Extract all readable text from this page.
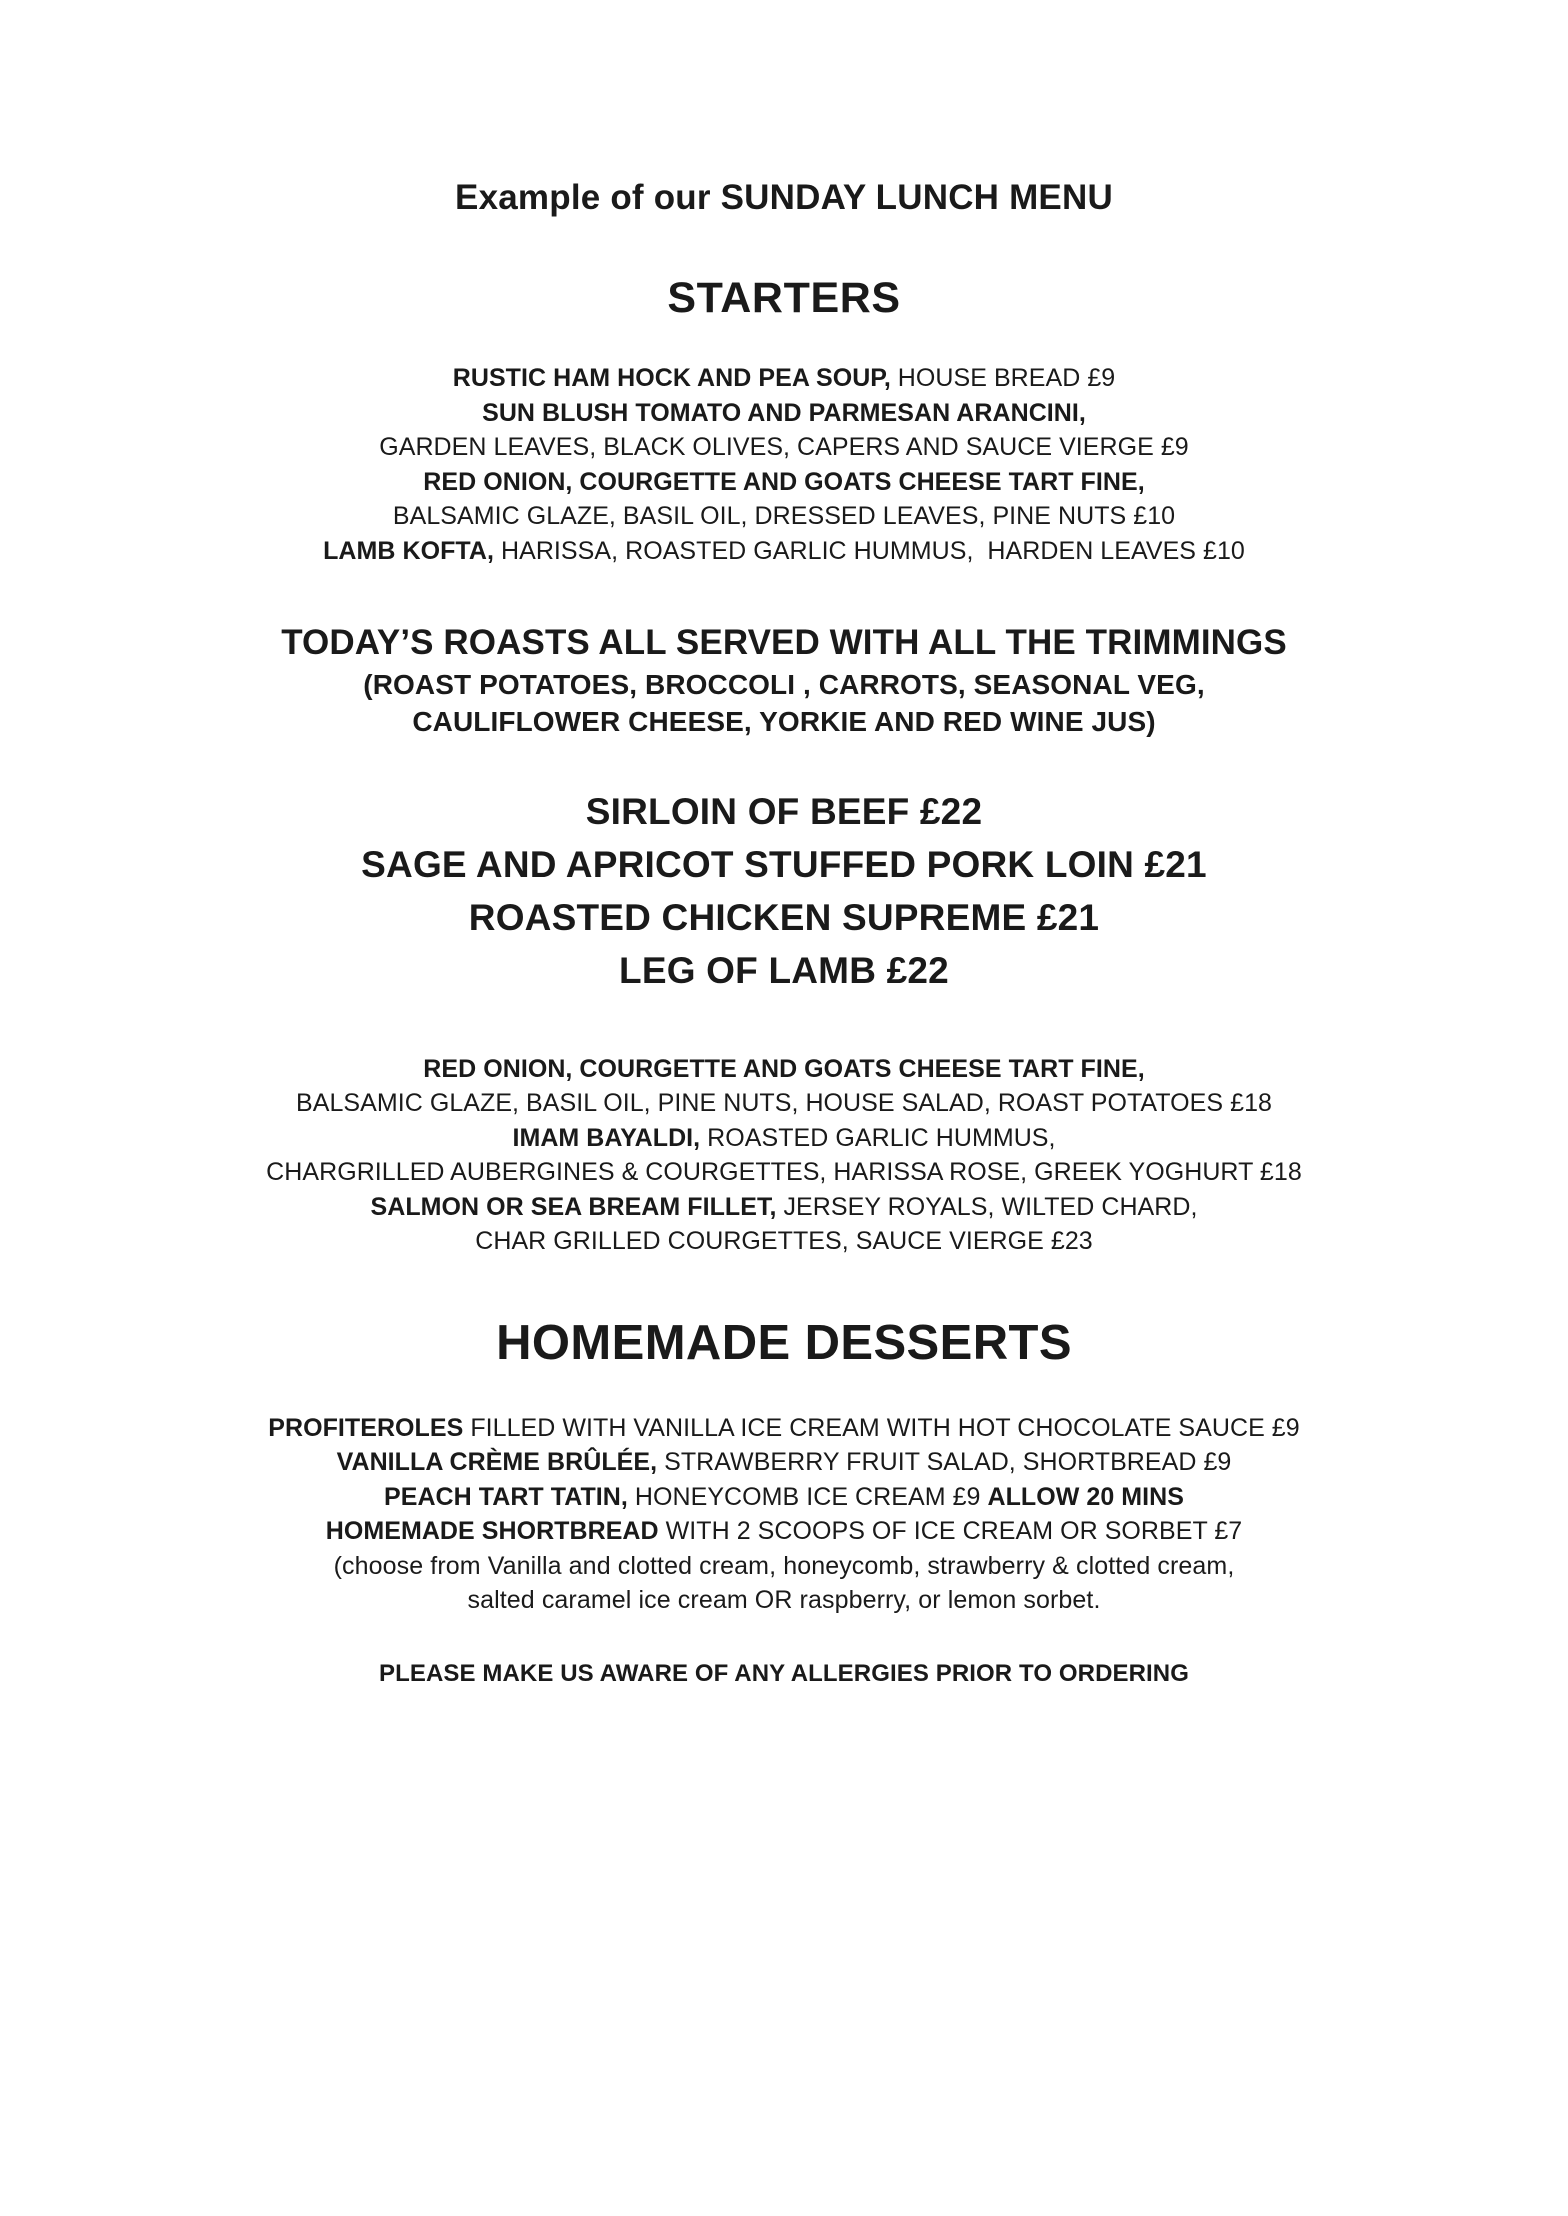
Example of our SUNDAY LUNCH MENU

STARTERS

RUSTIC HAM HOCK AND PEA SOUP, HOUSE BREAD £9

SUN BLUSH TOMATO AND PARMESAN ARANCINI,

GARDEN LEAVES, BLACK OLIVES, CAPERS AND SAUCE VIERGE £9

RED ONION, COURGETTE AND GOATS CHEESE TART FINE,

BALSAMIC GLAZE, BASIL OIL, DRESSED LEAVES, PINE NUTS £10

LAMB KOFTA, HARISSA, ROASTED GARLIC HUMMUS,  HARDEN LEAVES £10

TODAY’S ROASTS ALL SERVED WITH ALL THE TRIMMINGS

(ROAST POTATOES, BROCCOLI , CARROTS, SEASONAL VEG,

CAULIFLOWER CHEESE, YORKIE AND RED WINE JUS)

SIRLOIN OF BEEF £22

SAGE AND APRICOT STUFFED PORK LOIN £21

ROASTED CHICKEN SUPREME £21

LEG OF LAMB £22

RED ONION, COURGETTE AND GOATS CHEESE TART FINE,

BALSAMIC GLAZE, BASIL OIL, PINE NUTS, HOUSE SALAD, ROAST POTATOES £18

IMAM BAYALDI, ROASTED GARLIC HUMMUS,

CHARGRILLED AUBERGINES & COURGETTES, HARISSA ROSE, GREEK YOGHURT £18

SALMON OR SEA BREAM FILLET, JERSEY ROYALS, WILTED CHARD,

CHAR GRILLED COURGETTES, SAUCE VIERGE £23

HOMEMADE DESSERTS

PROFITEROLES FILLED WITH VANILLA ICE CREAM WITH HOT CHOCOLATE SAUCE £9

VANILLA CRÈME BRÛLÉE, STRAWBERRY FRUIT SALAD, SHORTBREAD £9

PEACH TART TATIN, HONEYCOMB ICE CREAM £9 ALLOW 20 MINS

HOMEMADE SHORTBREAD WITH 2 SCOOPS OF ICE CREAM OR SORBET £7

(choose from Vanilla and clotted cream, honeycomb, strawberry & clotted cream,

salted caramel ice cream OR raspberry, or lemon sorbet.

PLEASE MAKE US AWARE OF ANY ALLERGIES PRIOR TO ORDERING
